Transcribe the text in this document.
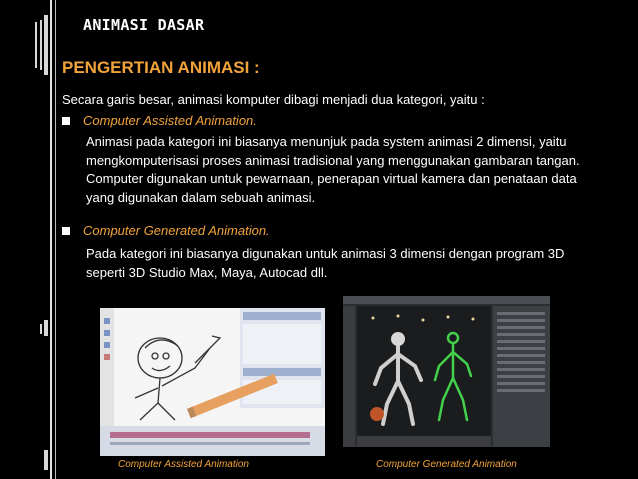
ANIMASI DASAR
PENGERTIAN ANIMASI :
Secara garis besar, animasi komputer dibagi menjadi dua kategori, yaitu :
Computer Assisted Animation.
Animasi pada kategori ini biasanya menunjuk pada system animasi 2 dimensi, yaitu mengkomputerisasi proses animasi tradisional yang menggunakan gambaran tangan. Computer digunakan untuk pewarnaan, penerapan virtual kamera dan penataan data yang digunakan dalam sebuah animasi.
Computer Generated Animation.
Pada kategori ini biasanya digunakan untuk animasi 3 dimensi dengan program 3D seperti 3D Studio Max, Maya, Autocad dll.
Computer Assisted Animation	Computer Generated Animation
